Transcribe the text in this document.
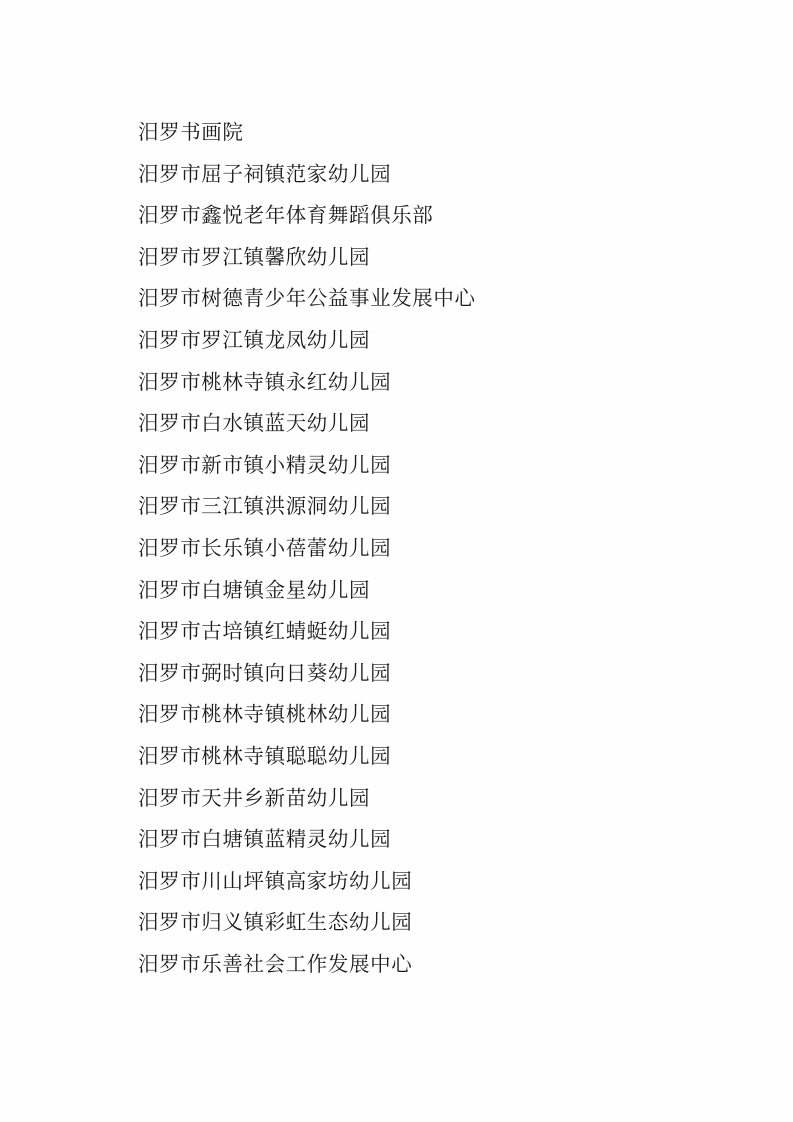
汨罗书画院
汨罗市屈子祠镇范家幼儿园
汨罗市鑫悦老年体育舞蹈俱乐部
汨罗市罗江镇馨欣幼儿园
汨罗市树德青少年公益事业发展中心
汨罗市罗江镇龙凤幼儿园
汨罗市桃林寺镇永红幼儿园
汨罗市白水镇蓝天幼儿园
汨罗市新市镇小精灵幼儿园
汨罗市三江镇洪源洞幼儿园
汨罗市长乐镇小蓓蕾幼儿园
汨罗市白塘镇金星幼儿园
汨罗市古培镇红蜻蜓幼儿园
汨罗市弼时镇向日葵幼儿园
汨罗市桃林寺镇桃林幼儿园
汨罗市桃林寺镇聪聪幼儿园
汨罗市天井乡新苗幼儿园
汨罗市白塘镇蓝精灵幼儿园
汨罗市川山坪镇高家坊幼儿园
汨罗市归义镇彩虹生态幼儿园
汨罗市乐善社会工作发展中心
